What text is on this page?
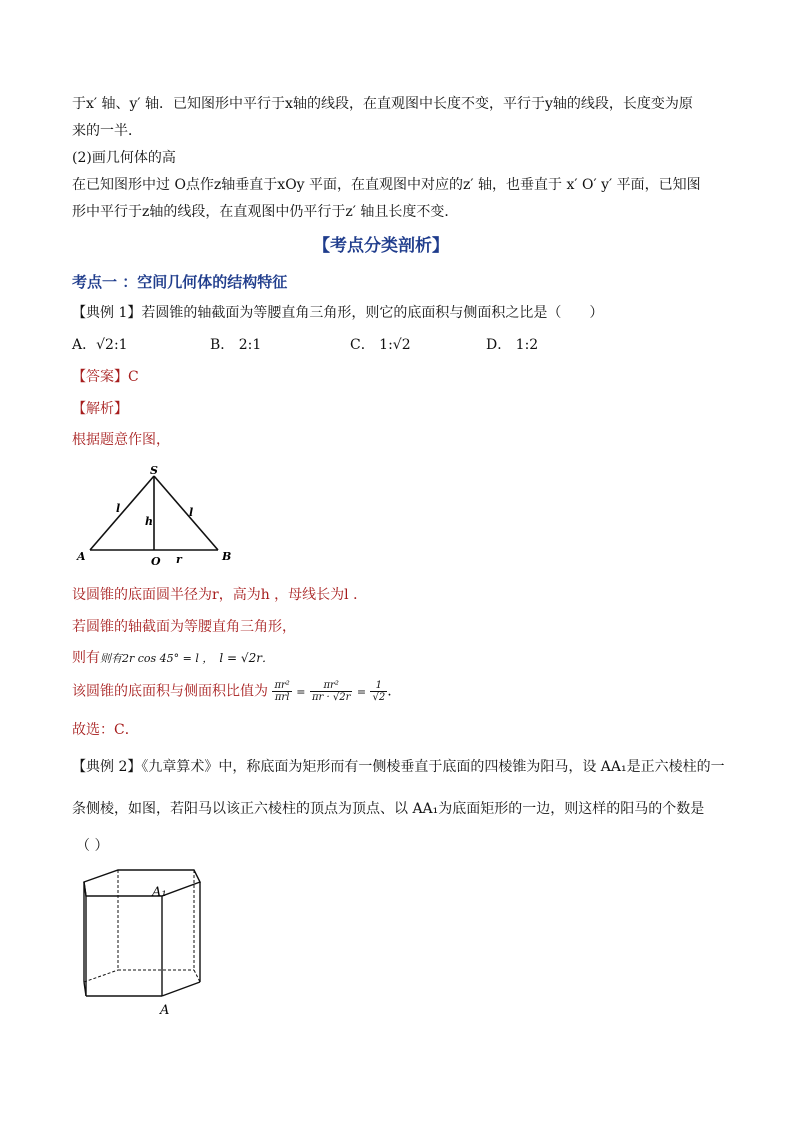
于x′ 轴、y′ 轴．已知图形中平行于x轴的线段，在直观图中长度不变，平行于y轴的线段，长度变为原
来的一半．
(2)画几何体的高
在已知图形中过 O点作z轴垂直于xOy 平面，在直观图中对应的z′ 轴，也垂直于 x′ O′ y′ 平面，已知图
形中平行于z轴的线段，在直观图中仍平行于z′ 轴且长度不变．
【考点分类剖析】
考点一 ：空间几何体的结构特征
【典例 1】若圆锥的轴截面为等腰直角三角形，则它的底面积与侧面积之比是（　　）
A．√2:1	B． 2:1	C． 1:√2	D． 1:2
【答案】C
【解析】
根据题意作图，
S
A	B
O
l	l
h
r
设圆锥的底面圆半径为r，高为h ，母线长为l ．
若圆锥的轴截面为等腰直角三角形，
则有则有2r cos 45° = l ， l = √2r．
该圆锥的底面积与侧面积比值为 $\frac{\text{πr²}}{\text{πrl}} = \frac{\text{πr²}}{\pi r \cdot √2r} = \frac{1}{√2}$ .
故选：C．
【典例 2】《九章算术》中，称底面为矩形而有一侧棱垂直于底面的四棱锥为阳马，设 AA₁是正六棱柱的一
条侧棱，如图，若阳马以该正六棱柱的顶点为顶点、以 AA₁为底面矩形的一边，则这样的阳马的个数是
（ ）
A₁
A
